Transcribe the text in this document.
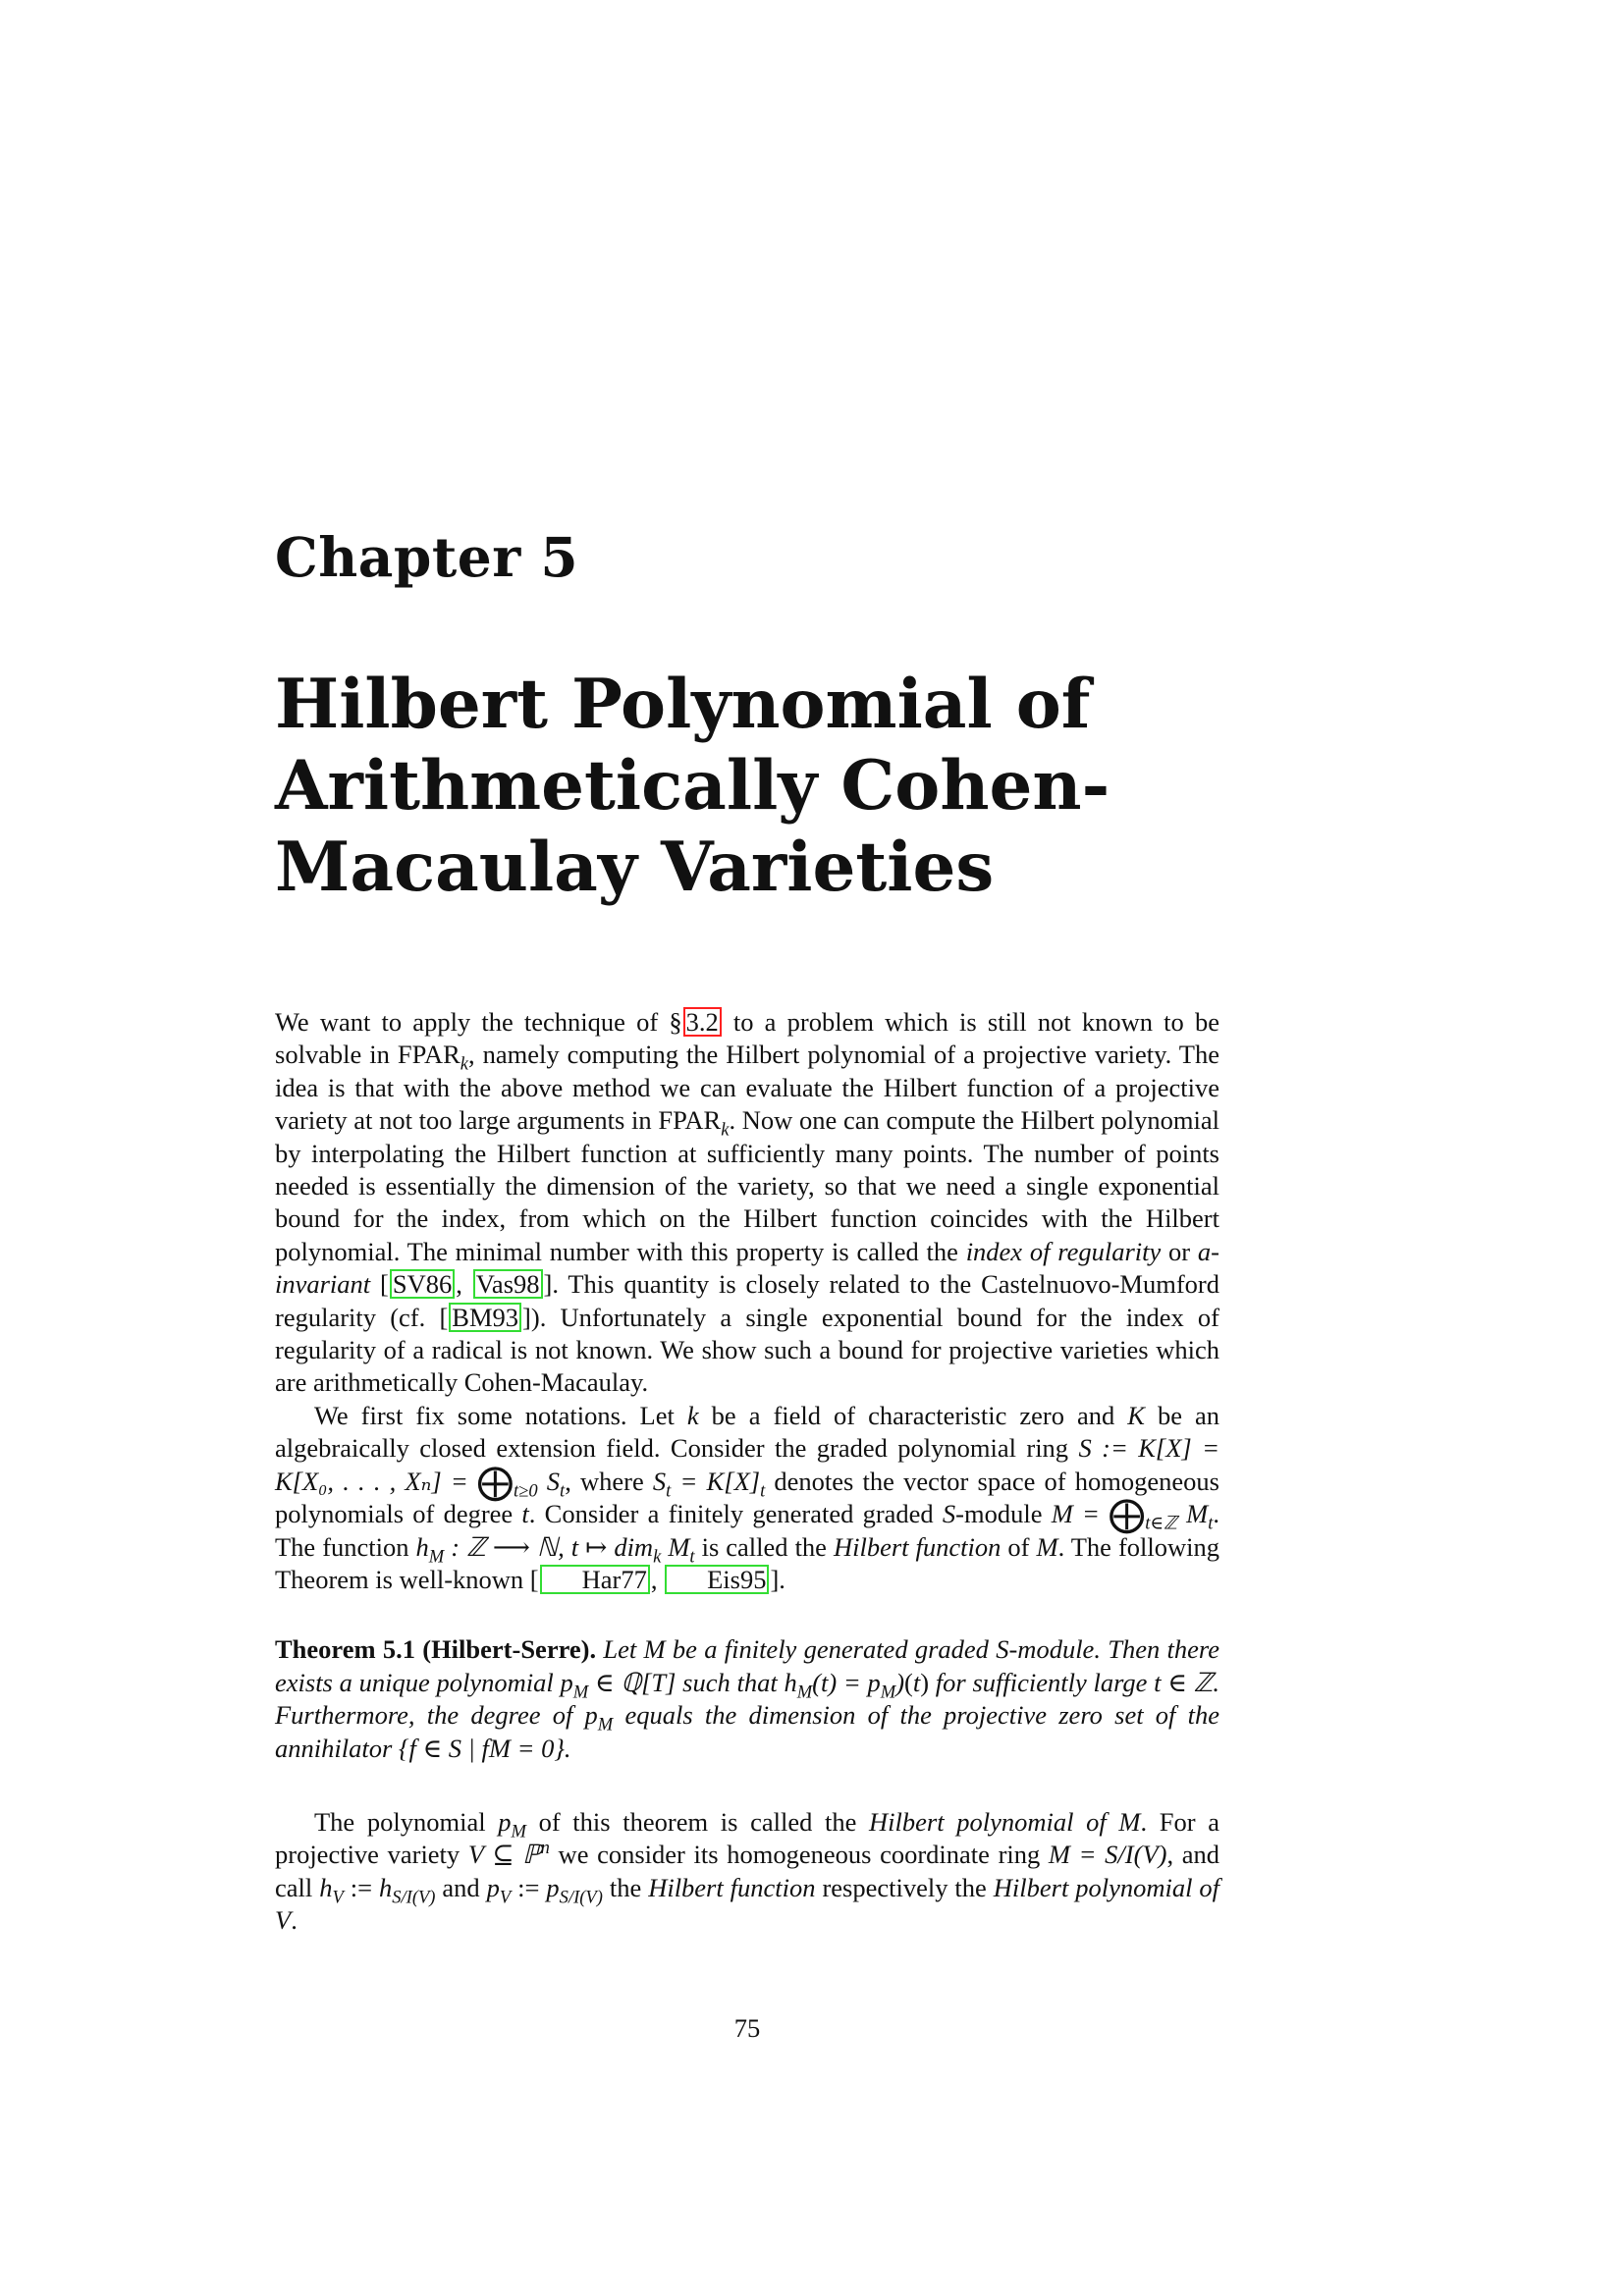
Chapter 5
Hilbert Polynomial of
Arithmetically Cohen-
Macaulay Varieties

We want to apply the technique of § 3.2 to a problem which is still not known to be solvable in $FPAR_k$, namely computing the Hilbert polynomial of a projective variety. The idea is that with the above method we can evaluate the Hilbert function of a projective variety at not too large arguments in $FPAR_k$. Now one can compute the Hilbert polynomial by interpolating the Hilbert function at sufficiently many points. The number of points needed is essentially the dimension of the variety, so that we need a single exponential bound for the index, from which on the Hilbert function coincides with the Hilbert polynomial. The minimal number with this property is called the index of regularity or a-invariant [ SV86 , Vas98 ]. This quantity is closely related to the Castelnuovo-Mumford regularity (cf. [ BM93 ]). Unfortunately a single exponential bound for the index of regularity of a radical is not known. We show such a bound for projective varieties which are arithmetically Cohen-Macaulay.

We first fix some notations. Let k be a field of characteristic zero and K be an algebraically closed extension field. Consider the graded polynomial ring S := K[X] = K[X₀, . . . , $X_n] = ⨁_{t\ge 0}$ $S_t$, where $S_t = K[X]_t$ denotes the vector space of homogeneous polynomials of degree t. Consider a finitely generated graded S-module $M = ⨁_{t\in ℤ}$ $M_t$. The function $h_M$ : ℤ ⟶ ℕ, t ↦ dim$_k$ $M_t$ is called the Hilbert function of M. The following Theorem is well-known [ Har77 , Eis95 ].

Theorem 5.1 (Hilbert-Serre). Let M be a finitely generated graded S-module. Then there exists a unique polynomial $p_M$ ∈ ℚ[T] such that $h_M(t) = p_M)(t)$ for sufficiently large t ∈ ℤ. Furthermore, the degree of $p_M$ equals the dimension of the projective zero set of the annihilator {f ∈ S | fM = 0}.

The polynomial $p_M$ of this theorem is called the Hilbert polynomial of M. For a projective variety V ⊆ ℙ$^n$ we consider its homogeneous coordinate ring M = S/I(V), and call $h_V$ := $h_{S/I(V)}$ and $p_V$ := $p_{S/I(V)}$ the Hilbert function respectively the Hilbert polynomial of V.

75
